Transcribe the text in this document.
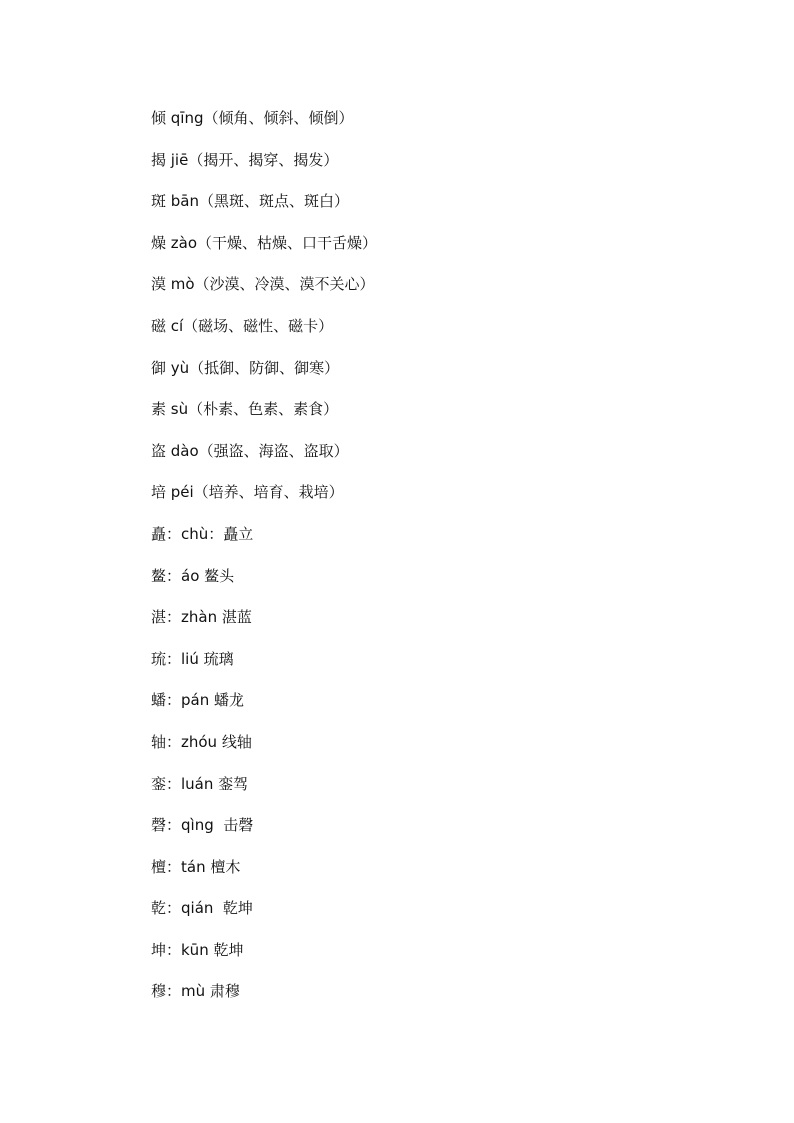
倾 qīng（倾角、倾斜、倾倒）
揭 jiē（揭开、揭穿、揭发）
斑 bān（黑斑、斑点、斑白）
燥 zào（干燥、枯燥、口干舌燥）
漠 mò（沙漠、冷漠、漠不关心）
磁 cí（磁场、磁性、磁卡）
御 yù（抵御、防御、御寒）
素 sù（朴素、色素、素食）
盗 dào（强盗、海盗、盗取）
培 péi（培养、培育、栽培）
矗：chù：矗立
鳌：áo 鳌头
湛：zhàn 湛蓝
琉：liú 琉璃
蟠：pán 蟠龙
轴：zhóu 线轴
銮：luán 銮驾
磬：qìng  击磬
檀：tán 檀木
乾：qián  乾坤
坤：kūn 乾坤
穆：mù 肃穆
